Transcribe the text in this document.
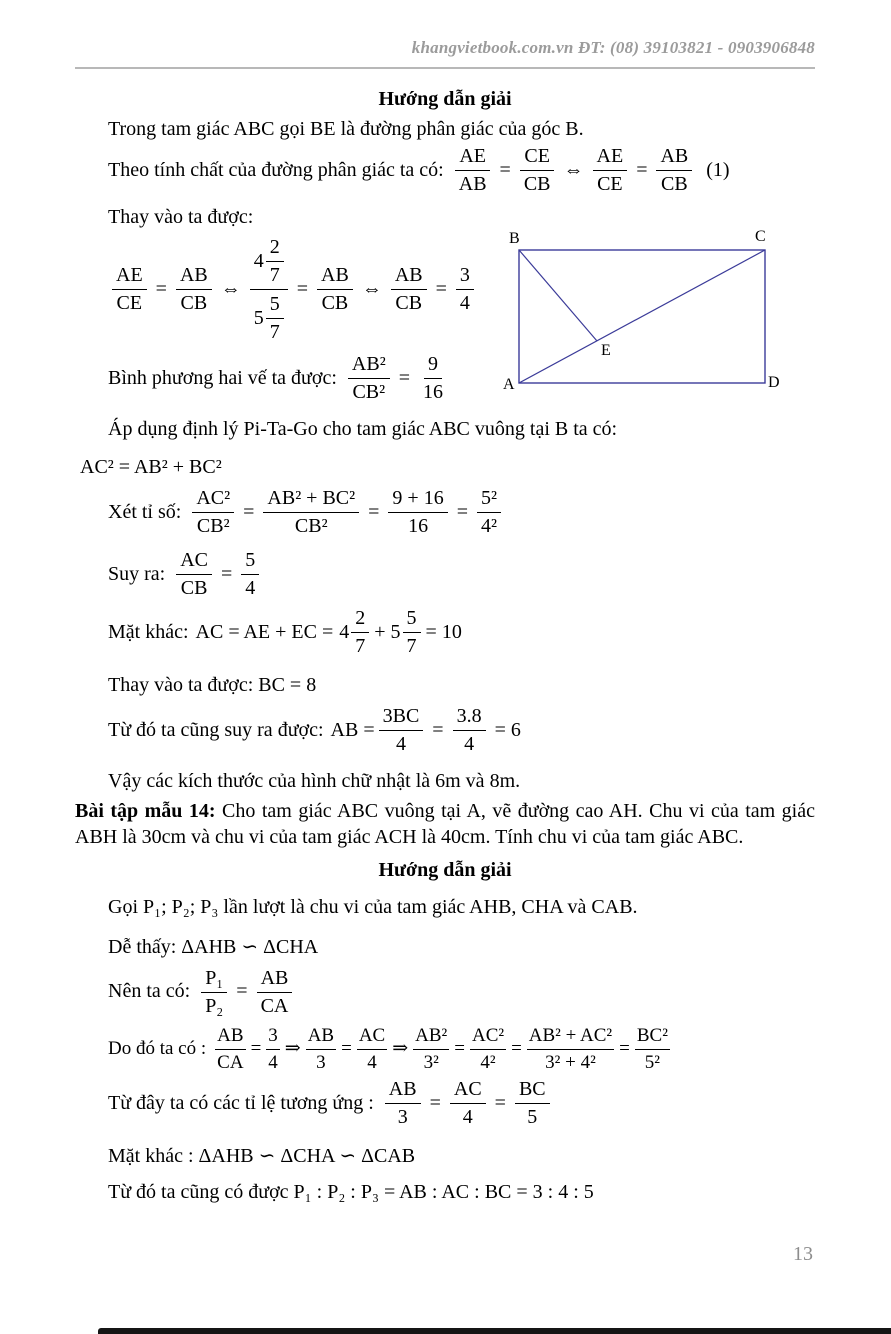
khangvietbook.com.vn ĐT: (08) 39103821 - 0903906848
Hướng dẫn giải
Trong tam giác ABC gọi BE là đường phân giác của góc B.
Theo tính chất của đường phân giác ta có: $\frac{AE}{AB} = \frac{CE}{CB}$ ⇔ $\frac{AE}{CE} = \frac{AB}{CB} (1)$
Thay vào ta được:
$\frac{AE}{CE} = \frac{AB}{CB}$ ⇔ $\frac{4 \frac{2}{7}}{5 \frac{5}{7}} = \frac{AB}{CB}$ ⇔ $\frac{AB}{CB} = \frac{3}{4}$
Bình phương hai vế ta được: $\frac{\text{AB²}}{\text{CB²}} = \frac{9}{16}$
Áp dụng định lý Pi-Ta-Go cho tam giác ABC vuông tại B ta có:
AC² = AB² + BC²
Xét tỉ số: $\frac{\text{AC²}}{\text{CB²}} = \frac{\text{AB² + BC²}}{\text{CB²}} = \frac{9 + 16}{16} = \frac{\text{5²}}{\text{4²}}$
Suy ra: $\frac{AC}{CB} = \frac{5}{4}$
Mặt khác: AC = AE + EC = $4 \frac{2}{7} + 5 \frac{5}{7} = 10$
Thay vào ta được: BC = 8
Từ đó ta cũng suy ra được: AB = $\frac{3BC}{4} = \frac{3.8}{4} = 6$
Vậy các kích thước của hình chữ nhật là 6m và 8m.
Bài tập mẫu 14: Cho tam giác ABC vuông tại A, vẽ đường cao AH. Chu vi của tam giác ABH là 30cm và chu vi của tam giác ACH là 40cm. Tính chu vi của tam giác ABC.
Hướng dẫn giải
Gọi P₁; P₂; P₃ lần lượt là chu vi của tam giác AHB, CHA và CAB.
Dễ thấy: ΔAHB ∽ ΔCHA
Nên ta có: $\frac{\text{P₁}}{\text{P₂}} = \frac{AB}{CA}$
Do đó ta có : $\frac{AB}{CA} = \frac{3}{4}$ ⇒ $\frac{AB}{3} = \frac{AC}{4}$ ⇒ $\frac{\text{AB²}}{\text{3²}} = \frac{\text{AC²}}{\text{4²}} = \frac{\text{AB² + AC²}}{\text{3² + 4²}} = \frac{\text{BC²}}{\text{5²}}$
Từ đây ta có các tỉ lệ tương ứng : $\frac{AB}{3} = \frac{AC}{4} = \frac{BC}{5}$
Mặt khác : ΔAHB ∽ ΔCHA ∽ ΔCAB
Từ đó ta cũng có được P₁ : P₂ : P₃ = AB : AC : BC = 3 : 4 : 5
B	C
A	D
E
13
